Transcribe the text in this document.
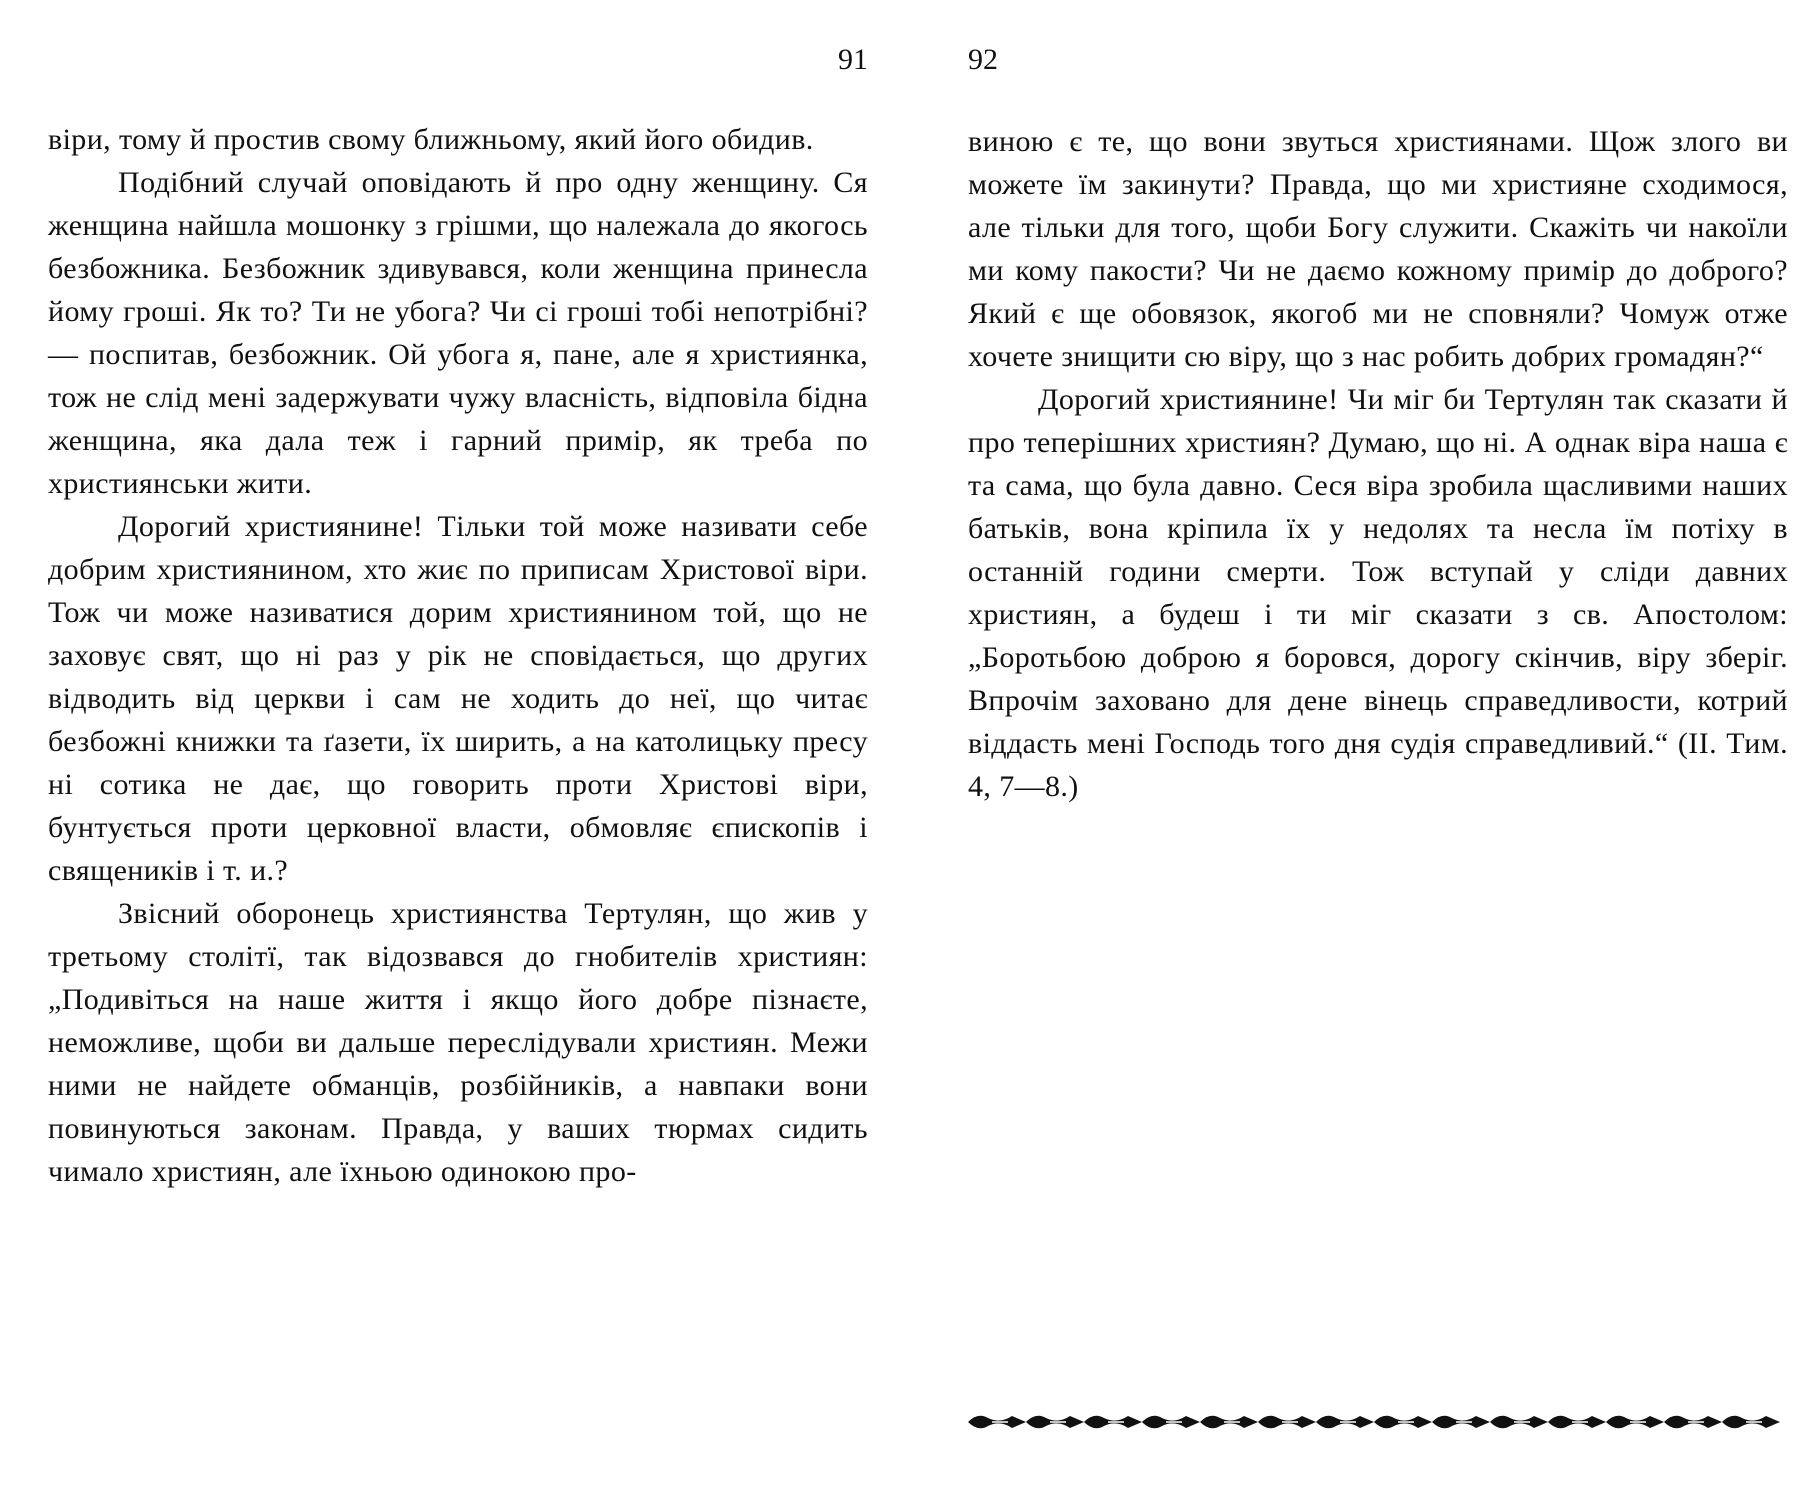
91

віри, тому й простив свому ближньому, який його обидив.

Подібний случай оповідають й про одну женщину. Ся женщина найшла мошонку з грішми, що належала до якогось безбожника. Безбожник здивувався, коли женщина принесла йому гроші. Як то? Ти не убога? Чи сі гроші тобі непотрібні? — поспитав, безбожник. Ой убога я, пане, але я християнка, тож не слід мені задержувати чужу власність, відповіла бідна женщина, яка дала теж і гарний примір, як треба по християнськи жити.

Дорогий християнине! Тільки той може називати себе добрим християнином, хто жиє по приписам Христової віри. Тож чи може називатися дорим християнином той, що не заховує свят, що ні раз у рік не сповідається, що других відводить від церкви і сам не ходить до неї, що читає безбожні книжки та ґазети, їх ширить, а на католицьку пресу ні сотика не дає, що говорить проти Христові віри, бунтується проти церковної власти, обмовляє єпископів і священиків і т. и.?

Звісний оборонець християнства Тертулян, що жив у третьому столітї, так відозвався до гнобителів християн: „Подивіться на наше життя і якщо його добре пізнаєте, неможливе, щоби ви дальше переслідували християн. Межи ними не найдете обманців, розбійників, а навпаки вони повинуються законам. Правда, у ваших тюрмах сидить чимало християн, але їхньою одинокою про-

92

виною є те, що вони звуться християнами. Щож злого ви можете їм закинути? Правда, що ми християне сходимося, але тільки для того, щоби Богу служити. Скажіть чи накоїли ми кому пакости? Чи не даємо кожному примір до доброго? Який є ще обовязок, якогоб ми не сповняли? Чомуж отже хочете знищити сю віру, що з нас робить добрих громадян?“

Дорогий християнине! Чи міг би Тертулян так сказати й про теперішних християн? Думаю, що ні. А однак віра наша є та сама, що була давно. Сеся віра зробила щасливими наших батьків, вона кріпила їх у недолях та несла їм потіху в останній години смерти. Тож вступай у сліди давних християн, а будеш і ти міг сказати з св. Апостолом: „Боротьбою доброю я боровся, дорогу скінчив, віру зберіг. Впрочім заховано для дене вінець справедливости, котрий віддасть мені Господь того дня судія справедливий.“ (II. Тим. 4, 7—8.)
